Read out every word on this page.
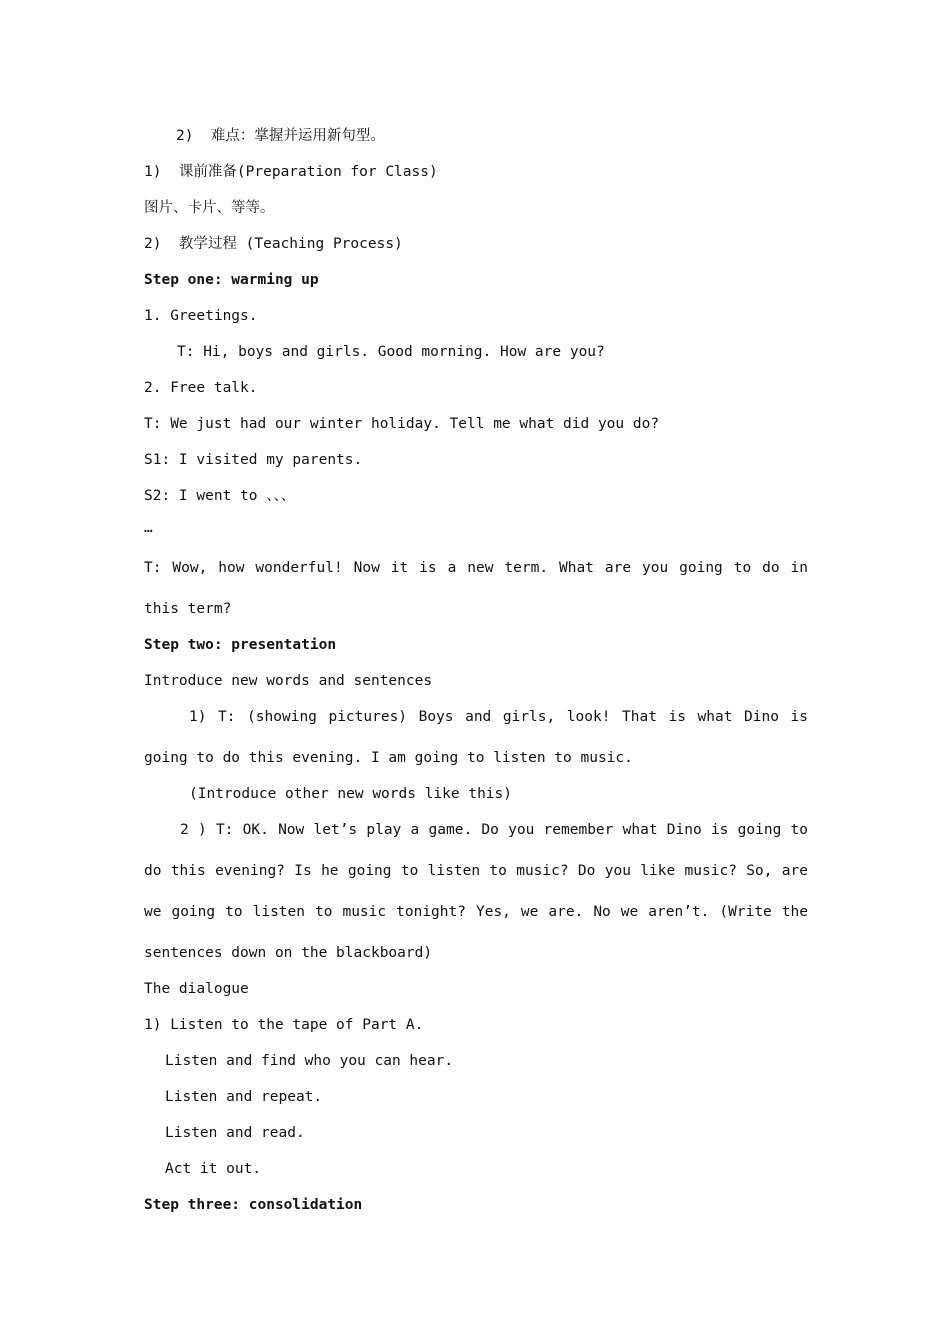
2)  难点：掌握并运用新句型。

1)  课前准备(Preparation for Class)

图片、卡片、等等。

2)  教学过程 (Teaching Process)

Step one: warming up

1. Greetings.

T: Hi, boys and girls. Good morning. How are you?

2. Free talk.

T: We just had our winter holiday. Tell me what did you do?

S1: I visited my parents.

S2: I went to 、、、

…

T: Wow, how wonderful! Now it is a new term. What are you going to do in this term?

Step two: presentation

Introduce new words and sentences

1) T: (showing pictures) Boys and girls, look! That is what Dino is going to do this evening. I am going to listen to music.

(Introduce other new words like this)

2 ) T: OK. Now let’s play a game. Do you remember what Dino is going to do this evening? Is he going to listen to music? Do you like music? So, are we going to listen to music tonight? Yes, we are. No we aren’t. (Write the sentences down on the blackboard)

The dialogue

1) Listen to the tape of Part A.

Listen and find who you can hear.

Listen and repeat.

Listen and read.

Act it out.

Step three: consolidation
